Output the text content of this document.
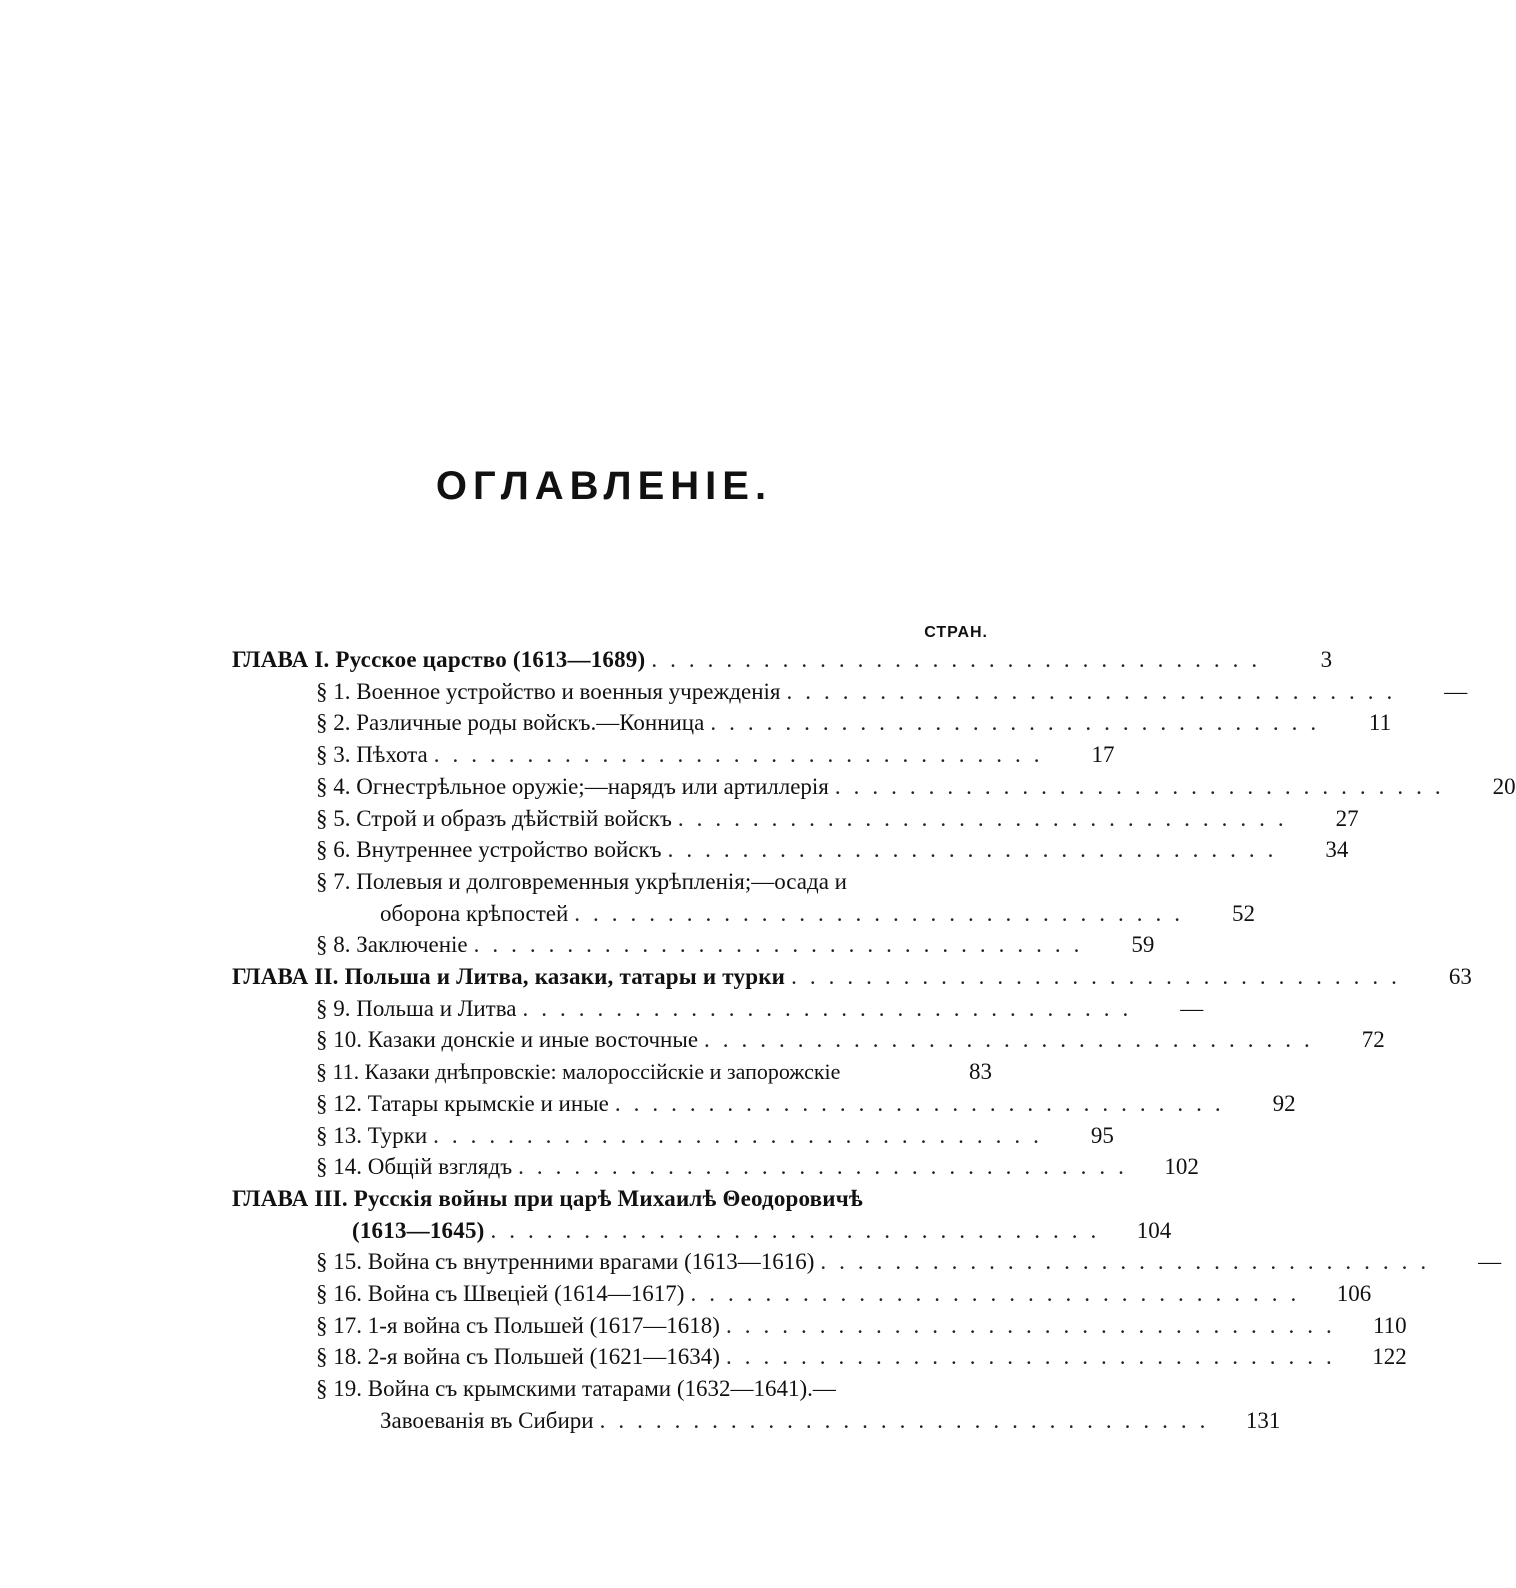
ОГЛАВЛЕНІЕ.
СТРАН.
ГЛАВА I. Русское царство (1613—1689) .................................	3
§ 1. Военное устройство и военныя учрежденія .................................	—
§ 2. Различные роды войскъ.—Конница .................................	11
§ 3. Пѣхота .................................	17
§ 4. Огнестрѣльное оружіе;—нарядъ или артиллерія .................................	20
§ 5. Строй и образъ дѣйствій войскъ .................................	27
§ 6. Внутреннее устройство войскъ .................................	34
§ 7. Полевыя и долговременныя укрѣпленія;—осада и
оборона крѣпостей .................................	52
§ 8. Заключеніе .................................	59
ГЛАВА II. Польша и Литва, казаки, татары и турки .................................	63
§ 9. Польша и Литва .................................	—
§ 10. Казаки донскіе и иные восточные .................................	72
§ 11. Казаки днѣпровскіе: малороссійскіе и запорожскіе	83
§ 12. Татары крымскіе и иные .................................	92
§ 13. Турки .................................	95
§ 14. Общій взглядъ .................................	102
ГЛАВА III. Русскія войны при царѣ Михаилѣ Θеодоровичѣ
(1613—1645) .................................	104
§ 15. Война съ внутренними врагами (1613—1616) .................................	—
§ 16. Война съ Швеціей (1614—1617) .................................	106
§ 17. 1-я война съ Польшей (1617—1618) .................................	110
§ 18. 2-я война съ Польшей (1621—1634) .................................	122
§ 19. Война съ крымскими татарами (1632—1641).—
Завоеванія въ Сибири .................................	131
